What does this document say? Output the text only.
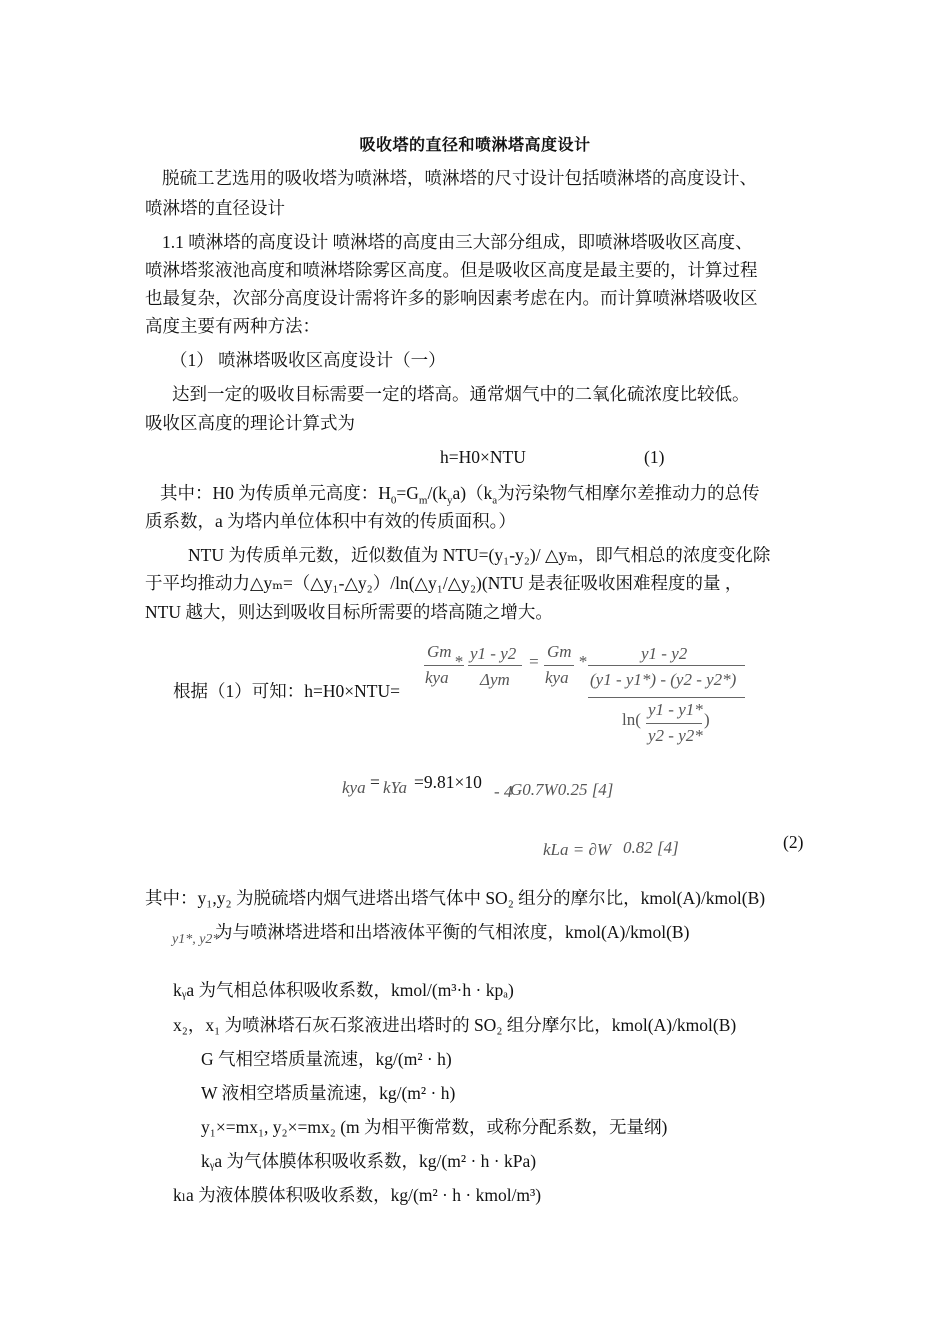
吸收塔的直径和喷淋塔高度设计
脱硫工艺选用的吸收塔为喷淋塔，喷淋塔的尺寸设计包括喷淋塔的高度设计、
喷淋塔的直径设计
1.1 喷淋塔的高度设计 喷淋塔的高度由三大部分组成，即喷淋塔吸收区高度、
喷淋塔浆液池高度和喷淋塔除雾区高度。但是吸收区高度是最主要的，计算过程
也最复杂，次部分高度设计需将许多的影响因素考虑在内。而计算喷淋塔吸收区
高度主要有两种方法：
（1） 喷淋塔吸收区高度设计（一）
达到一定的吸收目标需要一定的塔高。通常烟气中的二氧化硫浓度比较低。
吸收区高度的理论计算式为
h=H0×NTU	(1)
其中：H0 为传质单元高度：$H_0=G_m/(k_ya)(k_a$为污染物气相摩尔差推动力的总传
质系数，a 为塔内单位体积中有效的传质面积。）
NTU 为传质单元数，近似数值为 NTU=(y₁-y₂)/ △yₘ，即气相总的浓度变化除
于平均推动力△yₘ=（△y₁-△y₂）/ln(△y₁/△y₂)(NTU 是表征吸收困难程度的量 ，
NTU 越大，则达到吸收目标所需要的塔高随之增大。
根据（1）可知：h=H0×NTU=
Gm
kya
* y1 - y2
Δym
=
Gm
kya
*	y1 - y2
(y1 - y1*) - (y2 - y2*)
ln(
y1 - y1*
y2 - y2*
)
kya = kYa =9.81×10 - 4
G0.7W0.25 [4]
kLa = ∂W 0.82 [4]	(2)
其中：y₁,y₂ 为脱硫塔内烟气进塔出塔气体中 SO₂ 组分的摩尔比，kmol(A)/kmol(B)
y1*, y2*
为与喷淋塔进塔和出塔液体平衡的气相浓度，kmol(A)/kmol(B)
kᵧa 为气相总体积吸收系数，kmol/(m³·h · kpₐ)
x₂，x₁ 为喷淋塔石灰石浆液进出塔时的 SO₂ 组分摩尔比，kmol(A)/kmol(B)
G 气相空塔质量流速，kg/(m² · h)
W 液相空塔质量流速，kg/(m² · h)
y₁×=mx₁, y₂×=mx₂ (m 为相平衡常数，或称分配系数，无量纲)
kᵧa 为气体膜体积吸收系数，kg/(m² · h · kPa)
kₗa 为液体膜体积吸收系数，kg/(m² · h · kmol/m³)
